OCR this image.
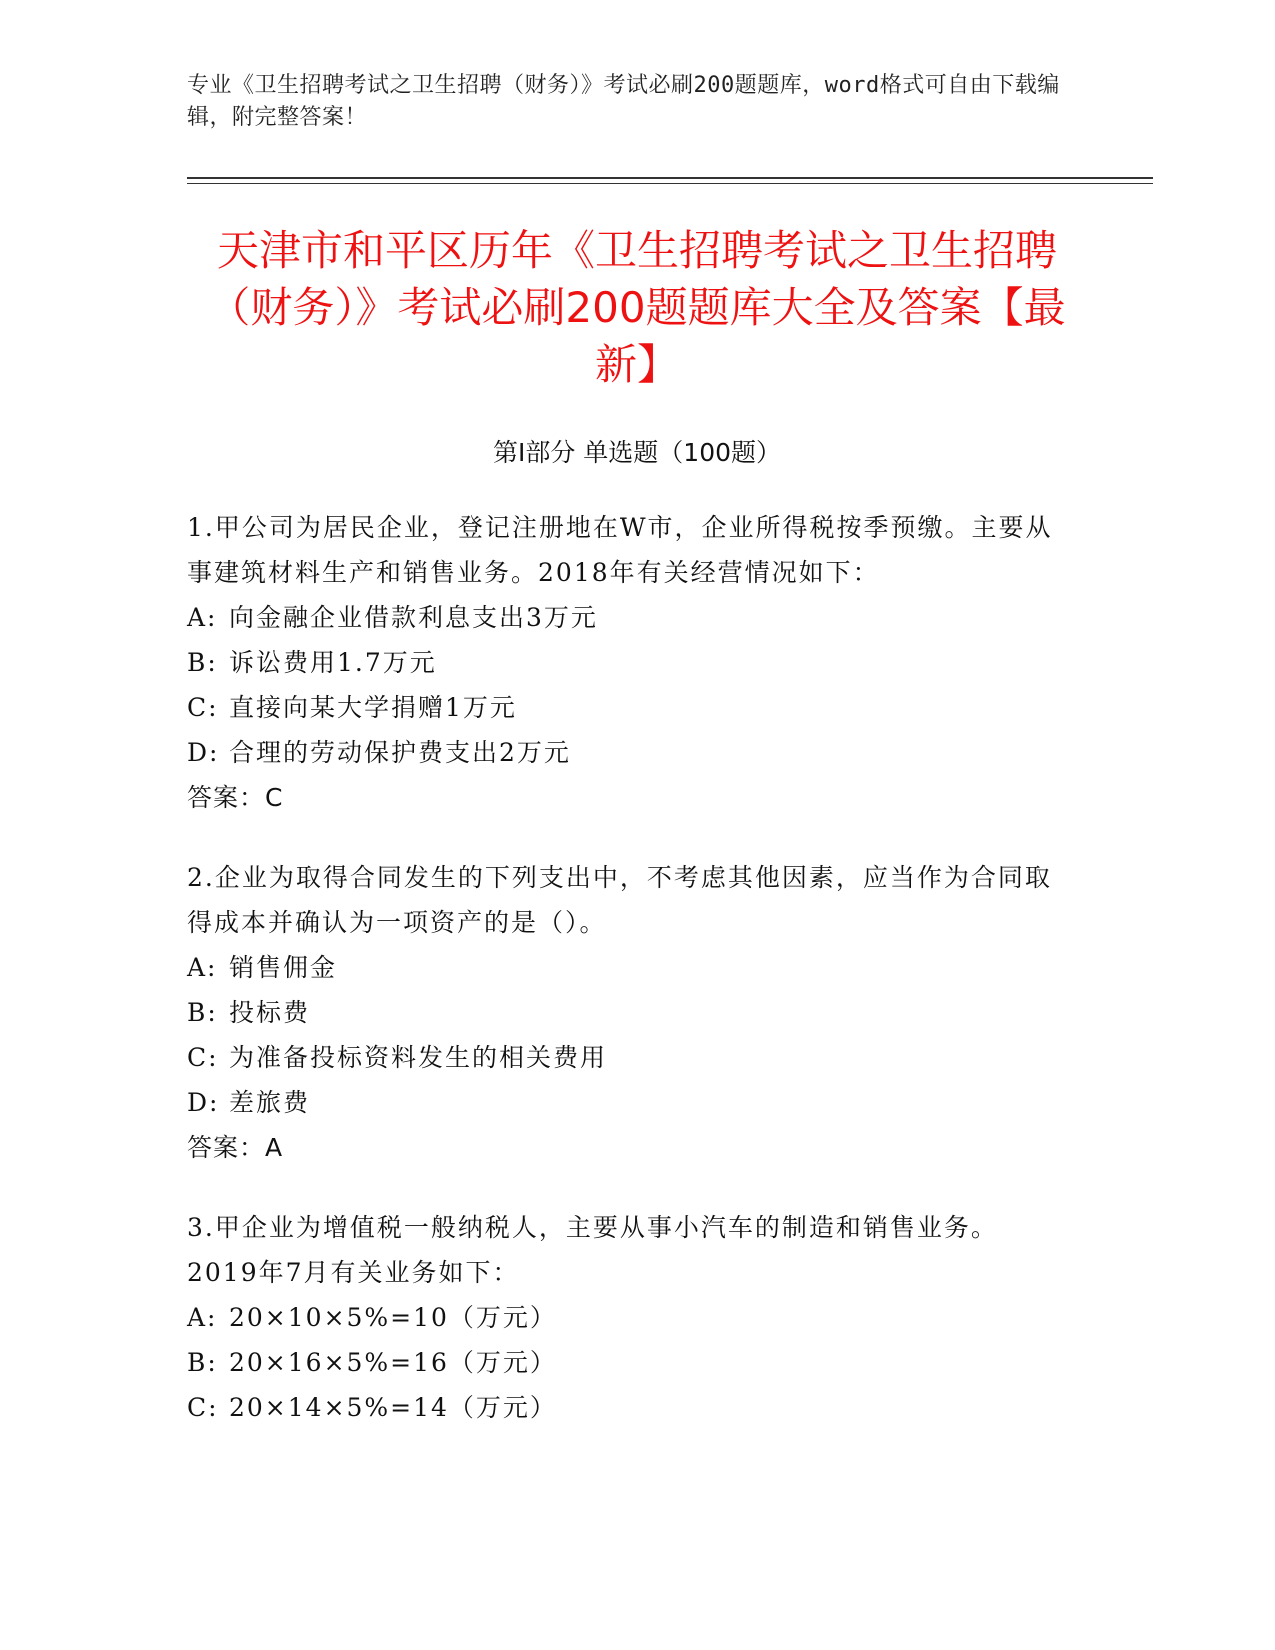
专业《卫生招聘考试之卫生招聘（财务）》考试必刷200题题库，word格式可自由下载编辑，附完整答案！
天津市和平区历年《卫生招聘考试之卫生招聘（财务）》考试必刷200题题库大全及答案【最新】
第Ⅰ部分 单选题（100题）
1.甲公司为居民企业，登记注册地在W市，企业所得税按季预缴。主要从事建筑材料生产和销售业务。2018年有关经营情况如下：
A: 向金融企业借款利息支出3万元
B: 诉讼费用1.7万元
C: 直接向某大学捐赠1万元
D: 合理的劳动保护费支出2万元
答案：C
2.企业为取得合同发生的下列支出中，不考虑其他因素，应当作为合同取得成本并确认为一项资产的是（）。
A: 销售佣金
B: 投标费
C: 为准备投标资料发生的相关费用
D: 差旅费
答案：A
3.甲企业为增值税一般纳税人，主要从事小汽车的制造和销售业务。2019年7月有关业务如下：
A: 20×10×5%=10（万元）
B: 20×16×5%=16（万元）
C: 20×14×5%=14（万元）
